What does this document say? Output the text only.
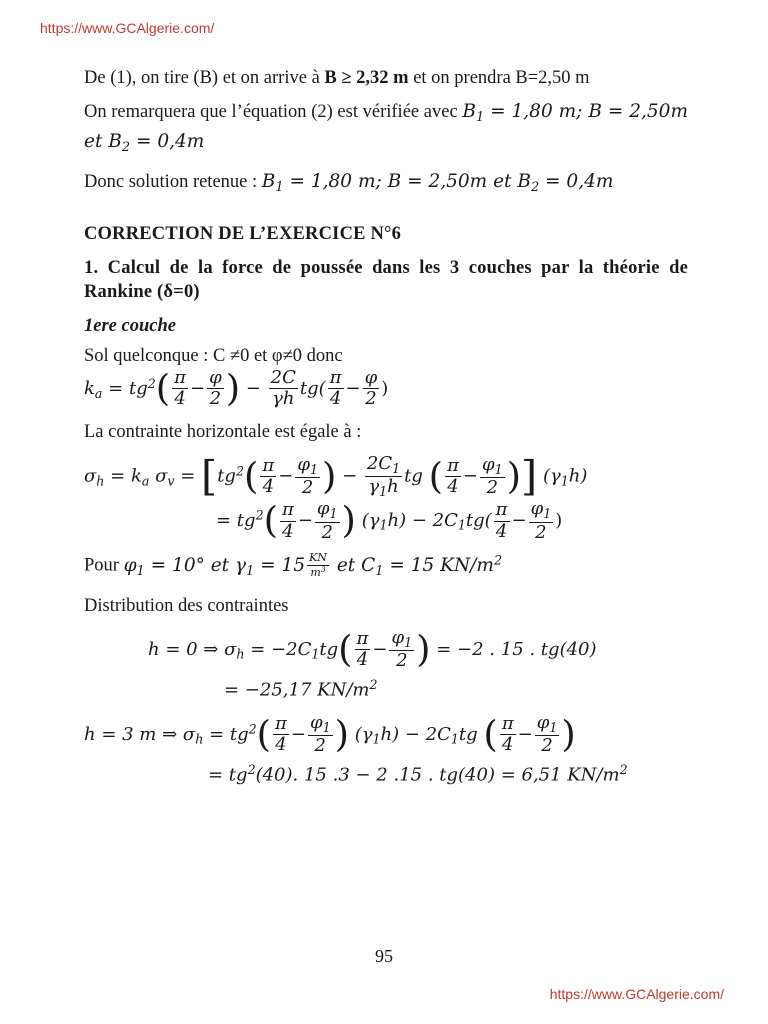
https://www.GCAlgerie.com/

De (1), on tire (B) et on arrive à B ≥ 2,32 m et on prendra B=2,50 m

On remarquera que l’équation (2) est vérifiée avec $B_1 = 1,80$ m; B = 2,50m et $B_2 = 0,4m$

Donc solution retenue : $B_1 = 1,80$ m; B = 2,50m et $B_2 = 0,4m$

CORRECTION DE L’EXERCICE N°6

1. Calcul de la force de poussée dans les 3 couches par la théorie de Rankine (δ=0)

1ere couche

Sol quelconque : C ≠0 et φ≠0 donc

$k_a = tg^2( \frac{\pi}{4} - \frac{\varphi}{2}$ ) − $\frac{2C}{\gamma h} tg( \frac{\pi}{4} - \frac{\varphi}{2}$ )

La contrainte horizontale est égale à :

$\sigma_h = k_a$ $\sigma_v = [tg^2( \frac{\pi}{4} - \frac{\varphi_1}{2}$ ) − $\frac{2C_1}{\gamma_1h}$ tg ( $\frac{\pi}{4} - \frac{\varphi_1}{2}$ )] $(\gamma_1h)$
= $tg^2( \frac{\pi}{4} - \frac{\varphi_1}{2}$ ) $(\gamma_1h) - 2C_1tg( \frac{\pi}{4} - \frac{\varphi_1}{2}$ )

Pour $\varphi_1 = 10^\circ$ et $\gamma_1 = 15 \frac{KN}{m^3}$ et $C_1 = 15$ $KN/m^2$

Distribution des contraintes

h = 0 ⇒ $\sigma_h = -2C_1tg( \frac{\pi}{4} - \frac{\varphi_1}{2}$ ) = −2 . 15 . tg(40)
= −25,17 $KN/m^2$
h = 3 m ⇒ $\sigma_h = tg^2( \frac{\pi}{4} - \frac{\varphi_1}{2}$ ) $(\gamma_1h) - 2C_1tg$ ( $\frac{\pi}{4} - \frac{\varphi_1}{2}$ )
= $tg^2(40)$. 15 .3 − 2 .15 . tg(40) = 6,51 $KN/m^2$
95
https://www.GCAlgerie.com/
